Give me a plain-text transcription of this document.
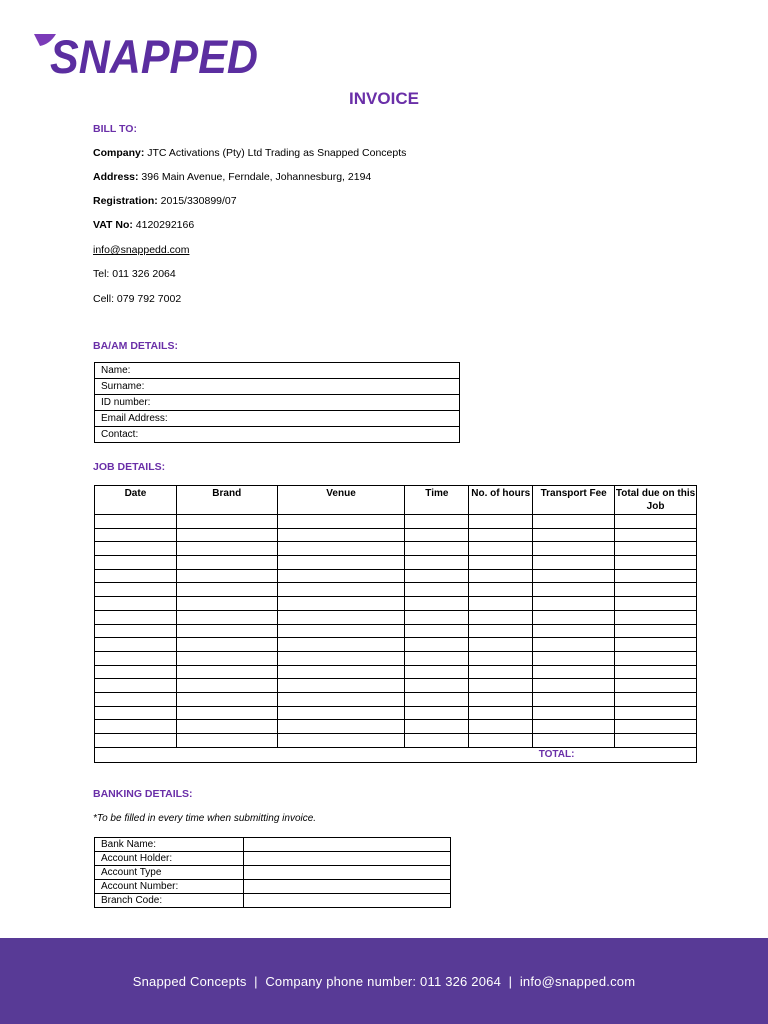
SNAPPED
INVOICE
BILL TO:
Company: JTC Activations (Pty) Ltd Trading as Snapped Concepts
Address: 396 Main Avenue, Ferndale, Johannesburg, 2194
Registration: 2015/330899/07
VAT No: 4120292166
info@snappedd.com
Tel: 011 326 2064
Cell: 079 792 7002
BA/AM DETAILS:
Name:
Surname:
ID number:
Email Address:
Contact:
JOB DETAILS:
Date	Brand	Venue	Time	No. of hours	Transport Fee	Total due on this Job

					TOTAL:	
BANKING DETAILS:
*To be filled in every time when submitting invoice.
Bank Name:	
Account Holder:	
Account Type	
Account Number:	
Branch Code:	
Snapped Concepts  |  Company phone number: 011 326 2064  |  info@snapped.com
